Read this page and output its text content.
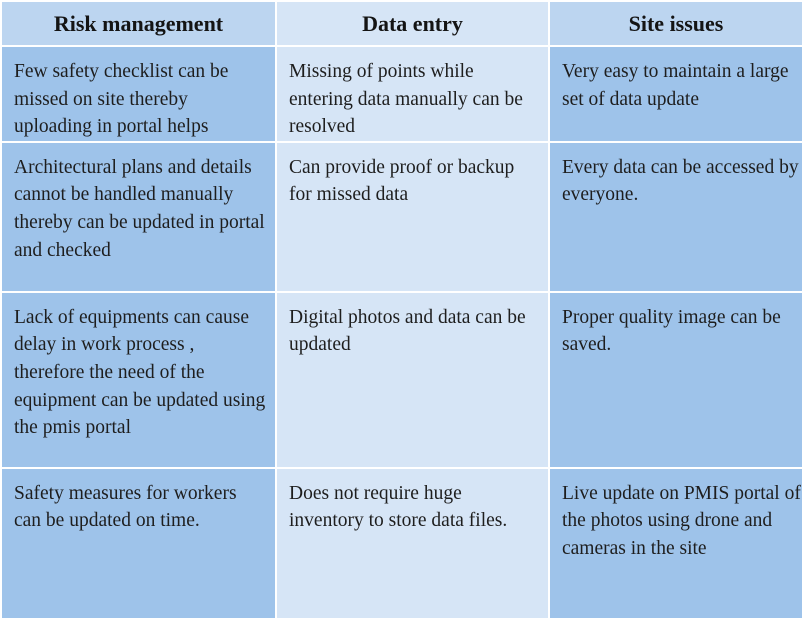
Risk management	Data entry	Site issues
Few safety checklist can be missed on site thereby uploading in portal helps	Missing of points while entering data manually can be resolved	Very easy to maintain a large set of data update

Architectural plans and details cannot be handled manually thereby can be updated in portal and checked	Can provide proof or backup for missed data	Every data can be accessed by everyone.

Lack of equipments can cause delay in work process , therefore the need of the equipment can be updated using the pmis portal	Digital photos and data can be updated	Proper quality image can be saved.

Safety measures for workers can be updated on time.	Does not require huge inventory to store data files.	Live update on PMIS portal of the photos using drone and cameras in the site
